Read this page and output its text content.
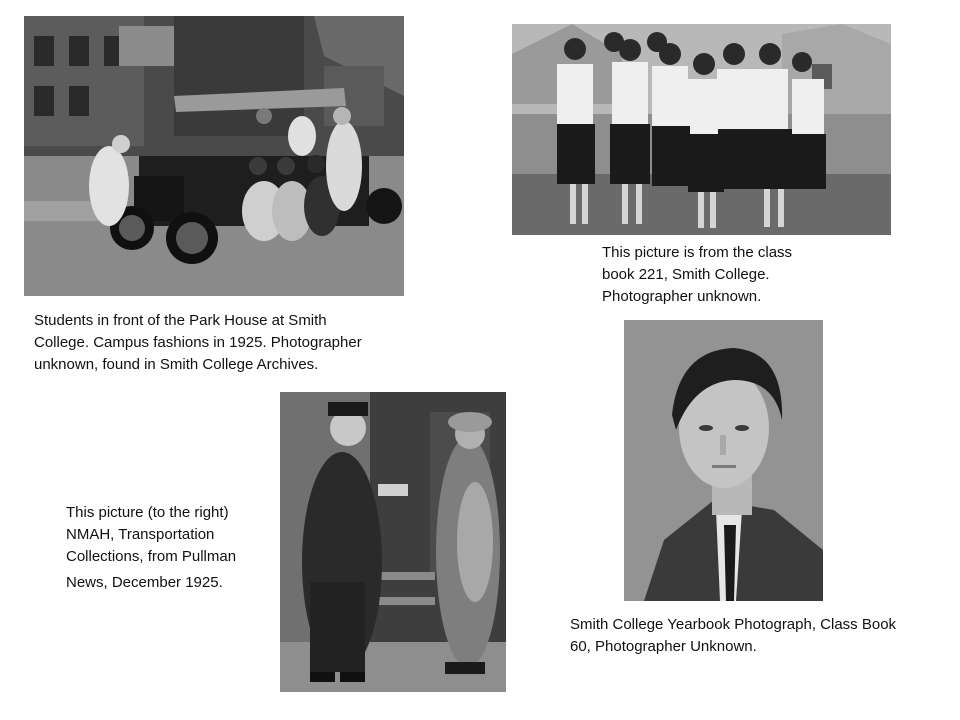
Students in front of the Park House at Smith
College. Campus fashions in 1925. Photographer
unknown, found in Smith College Archives.

This picture is from the class
book 221, Smith College.
Photographer unknown.

This picture (to the right)
NMAH, Transportation
Collections, from Pullman
News, December 1925.

Smith College Yearbook Photograph, Class Book
60, Photographer Unknown.
